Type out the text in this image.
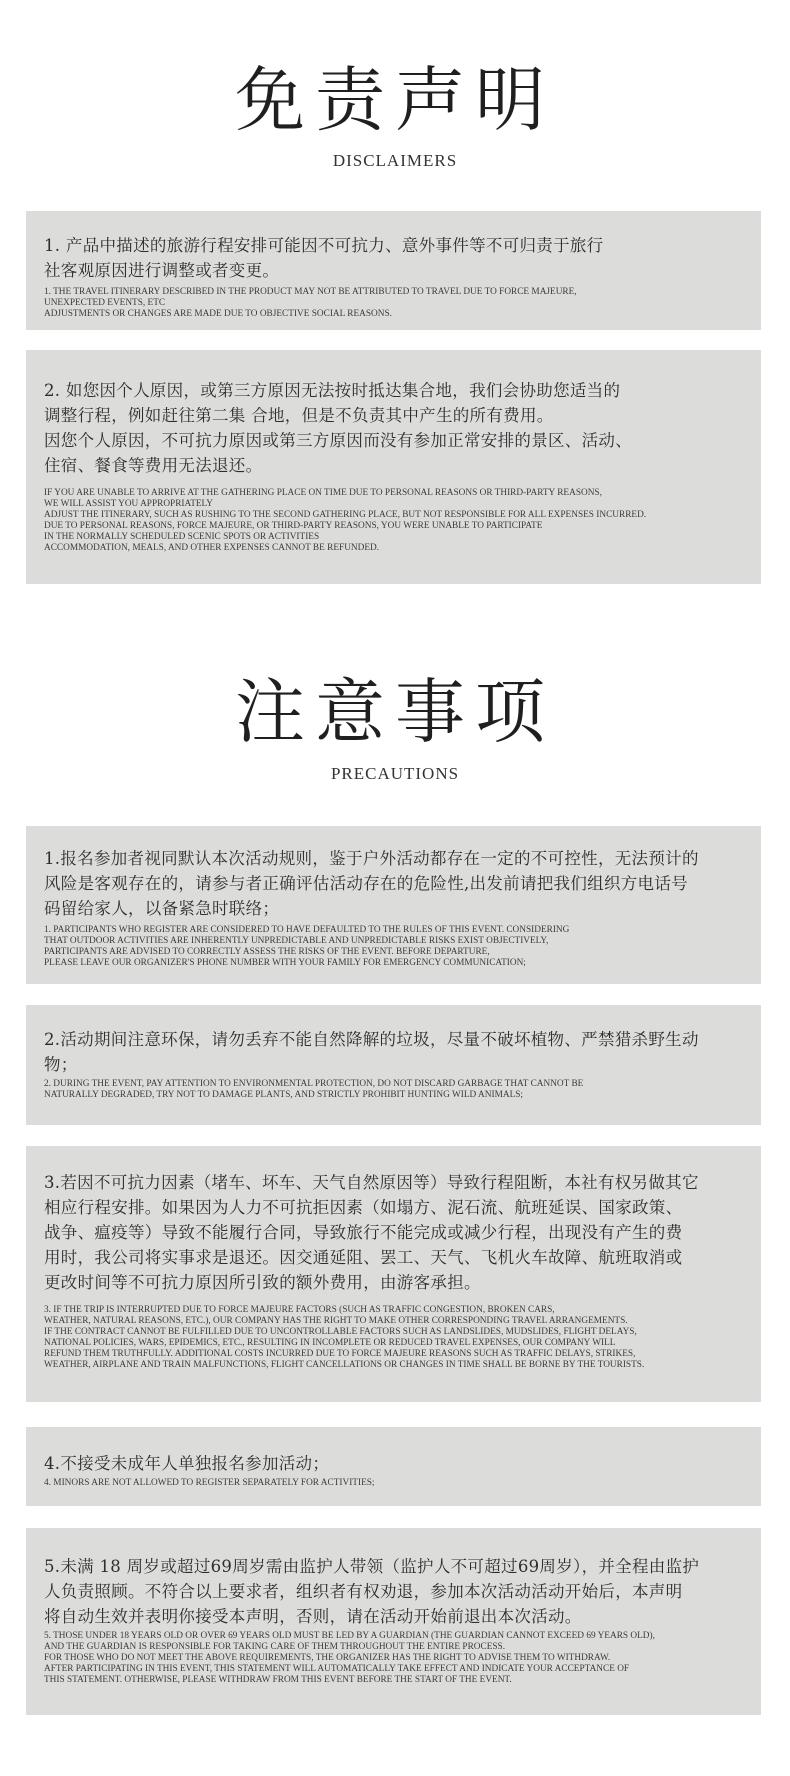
免责声明
DISCLAIMERS
1. 产品中描述的旅游行程安排可能因不可抗力、意外事件等不可归责于旅行
社客观原因进行调整或者变更。
1. THE TRAVEL ITINERARY DESCRIBED IN THE PRODUCT MAY NOT BE ATTRIBUTED TO TRAVEL DUE TO FORCE MAJEURE,
UNEXPECTED EVENTS, ETC
ADJUSTMENTS OR CHANGES ARE MADE DUE TO OBJECTIVE SOCIAL REASONS.
2. 如您因个人原因，或第三方原因无法按时抵达集合地，我们会协助您适当的
调整行程，例如赶往第二集 合地，但是不负责其中产生的所有费用。
因您个人原因，不可抗力原因或第三方原因而没有参加正常安排的景区、活动、
住宿、餐食等费用无法退还。
IF YOU ARE UNABLE TO ARRIVE AT THE GATHERING PLACE ON TIME DUE TO PERSONAL REASONS OR THIRD-PARTY REASONS,
WE WILL ASSIST YOU APPROPRIATELY
ADJUST THE ITINERARY, SUCH AS RUSHING TO THE SECOND GATHERING PLACE, BUT NOT RESPONSIBLE FOR ALL EXPENSES INCURRED.
DUE TO PERSONAL REASONS, FORCE MAJEURE, OR THIRD-PARTY REASONS, YOU WERE UNABLE TO PARTICIPATE
IN THE NORMALLY SCHEDULED SCENIC SPOTS OR ACTIVITIES
ACCOMMODATION, MEALS, AND OTHER EXPENSES CANNOT BE REFUNDED.
注意事项
PRECAUTIONS
1.报名参加者视同默认本次活动规则，鉴于户外活动都存在一定的不可控性，无法预计的
风险是客观存在的，请参与者正确评估活动存在的危险性,出发前请把我们组织方电话号
码留给家人，以备紧急时联络；
1. PARTICIPANTS WHO REGISTER ARE CONSIDERED TO HAVE DEFAULTED TO THE RULES OF THIS EVENT. CONSIDERING
THAT OUTDOOR ACTIVITIES ARE INHERENTLY UNPREDICTABLE AND UNPREDICTABLE RISKS EXIST OBJECTIVELY,
PARTICIPANTS ARE ADVISED TO CORRECTLY ASSESS THE RISKS OF THE EVENT. BEFORE DEPARTURE,
PLEASE LEAVE OUR ORGANIZER'S PHONE NUMBER WITH YOUR FAMILY FOR EMERGENCY COMMUNICATION;
2.活动期间注意环保，请勿丢弃不能自然降解的垃圾，尽量不破坏植物、严禁猎杀野生动
物；
2. DURING THE EVENT, PAY ATTENTION TO ENVIRONMENTAL PROTECTION, DO NOT DISCARD GARBAGE THAT CANNOT BE
NATURALLY DEGRADED, TRY NOT TO DAMAGE PLANTS, AND STRICTLY PROHIBIT HUNTING WILD ANIMALS;
3.若因不可抗力因素（堵车、坏车、天气自然原因等）导致行程阻断，本社有权另做其它
相应行程安排。如果因为人力不可抗拒因素（如塌方、泥石流、航班延误、国家政策、
战争、瘟疫等）导致不能履行合同，导致旅行不能完成或减少行程，出现没有产生的费
用时，我公司将实事求是退还。因交通延阻、罢工、天气、飞机火车故障、航班取消或
更改时间等不可抗力原因所引致的额外费用，由游客承担。
3. IF THE TRIP IS INTERRUPTED DUE TO FORCE MAJEURE FACTORS (SUCH AS TRAFFIC CONGESTION, BROKEN CARS,
WEATHER, NATURAL REASONS, ETC.), OUR COMPANY HAS THE RIGHT TO MAKE OTHER CORRESPONDING TRAVEL ARRANGEMENTS.
IF THE CONTRACT CANNOT BE FULFILLED DUE TO UNCONTROLLABLE FACTORS SUCH AS LANDSLIDES, MUDSLIDES, FLIGHT DELAYS,
NATIONAL POLICIES, WARS, EPIDEMICS, ETC., RESULTING IN INCOMPLETE OR REDUCED TRAVEL EXPENSES, OUR COMPANY WILL
REFUND THEM TRUTHFULLY. ADDITIONAL COSTS INCURRED DUE TO FORCE MAJEURE REASONS SUCH AS TRAFFIC DELAYS, STRIKES,
WEATHER, AIRPLANE AND TRAIN MALFUNCTIONS, FLIGHT CANCELLATIONS OR CHANGES IN TIME SHALL BE BORNE BY THE TOURISTS.
4.不接受未成年人单独报名参加活动；
4. MINORS ARE NOT ALLOWED TO REGISTER SEPARATELY FOR ACTIVITIES;
5.未满 18 周岁或超过69周岁需由监护人带领（监护人不可超过69周岁），并全程由监护
人负责照顾。不符合以上要求者，组织者有权劝退，参加本次活动活动开始后，本声明
将自动生效并表明你接受本声明，否则，请在活动开始前退出本次活动。
5. THOSE UNDER 18 YEARS OLD OR OVER 69 YEARS OLD MUST BE LED BY A GUARDIAN (THE GUARDIAN CANNOT EXCEED 69 YEARS OLD),
AND THE GUARDIAN IS RESPONSIBLE FOR TAKING CARE OF THEM THROUGHOUT THE ENTIRE PROCESS.
FOR THOSE WHO DO NOT MEET THE ABOVE REQUIREMENTS, THE ORGANIZER HAS THE RIGHT TO ADVISE THEM TO WITHDRAW.
AFTER PARTICIPATING IN THIS EVENT, THIS STATEMENT WILL AUTOMATICALLY TAKE EFFECT AND INDICATE YOUR ACCEPTANCE OF
THIS STATEMENT. OTHERWISE, PLEASE WITHDRAW FROM THIS EVENT BEFORE THE START OF THE EVENT.
